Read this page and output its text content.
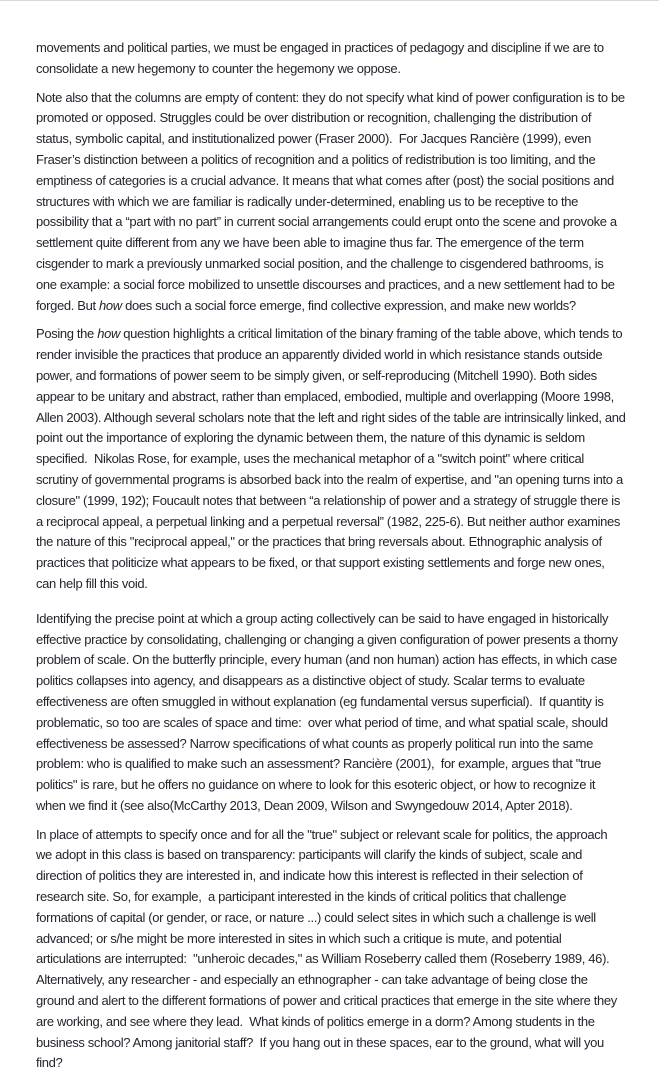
movements and political parties, we must be engaged in practices of pedagogy and discipline if we are to consolidate a new hegemony to counter the hegemony we oppose.

Note also that the columns are empty of content: they do not specify what kind of power configuration is to be promoted or opposed. Struggles could be over distribution or recognition, challenging the distribution of status, symbolic capital, and institutionalized power (Fraser 2000).  For Jacques Rancière (1999), even Fraser’s distinction between a politics of recognition and a politics of redistribution is too limiting, and the emptiness of categories is a crucial advance. It means that what comes after (post) the social positions and structures with which we are familiar is radically under-determined, enabling us to be receptive to the possibility that a “part with no part” in current social arrangements could erupt onto the scene and provoke a settlement quite different from any we have been able to imagine thus far. The emergence of the term cisgender to mark a previously unmarked social position, and the challenge to cisgendered bathrooms, is one example: a social force mobilized to unsettle discourses and practices, and a new settlement had to be forged. But how does such a social force emerge, find collective expression, and make new worlds?

Posing the how question highlights a critical limitation of the binary framing of the table above, which tends to render invisible the practices that produce an apparently divided world in which resistance stands outside power, and formations of power seem to be simply given, or self-reproducing (Mitchell 1990). Both sides appear to be unitary and abstract, rather than emplaced, embodied, multiple and overlapping (Moore 1998, Allen 2003). Although several scholars note that the left and right sides of the table are intrinsically linked, and point out the importance of exploring the dynamic between them, the nature of this dynamic is seldom specified.  Nikolas Rose, for example, uses the mechanical metaphor of a "switch point" where critical scrutiny of governmental programs is absorbed back into the realm of expertise, and "an opening turns into a closure" (1999, 192); Foucault notes that between “a relationship of power and a strategy of struggle there is a reciprocal appeal, a perpetual linking and a perpetual reversal” (1982, 225-6). But neither author examines the nature of this "reciprocal appeal," or the practices that bring reversals about. Ethnographic analysis of practices that politicize what appears to be fixed, or that support existing settlements and forge new ones, can help fill this void.

Identifying the precise point at which a group acting collectively can be said to have engaged in historically effective practice by consolidating, challenging or changing a given configuration of power presents a thorny problem of scale. On the butterfly principle, every human (and non human) action has effects, in which case politics collapses into agency, and disappears as a distinctive object of study. Scalar terms to evaluate effectiveness are often smuggled in without explanation (eg fundamental versus superficial).  If quantity is problematic, so too are scales of space and time:  over what period of time, and what spatial scale, should effectiveness be assessed? Narrow specifications of what counts as properly political run into the same problem: who is qualified to make such an assessment? Rancière (2001),  for example, argues that "true politics" is rare, but he offers no guidance on where to look for this esoteric object, or how to recognize it when we find it (see also(McCarthy 2013, Dean 2009, Wilson and Swyngedouw 2014, Apter 2018).

In place of attempts to specify once and for all the "true" subject or relevant scale for politics, the approach we adopt in this class is based on transparency: participants will clarify the kinds of subject, scale and direction of politics they are interested in, and indicate how this interest is reflected in their selection of research site. So, for example,  a participant interested in the kinds of critical politics that challenge formations of capital (or gender, or race, or nature ...) could select sites in which such a challenge is well advanced; or s/he might be more interested in sites in which such a critique is mute, and potential articulations are interrupted:  "unheroic decades," as William Roseberry called them (Roseberry 1989, 46).  Alternatively, any researcher - and especially an ethnographer - can take advantage of being close the ground and alert to the different formations of power and critical practices that emerge in the site where they are working, and see where they lead.  What kinds of politics emerge in a dorm? Among students in the business school? Among janitorial staff?  If you hang out in these spaces, ear to the ground, what will you find?
